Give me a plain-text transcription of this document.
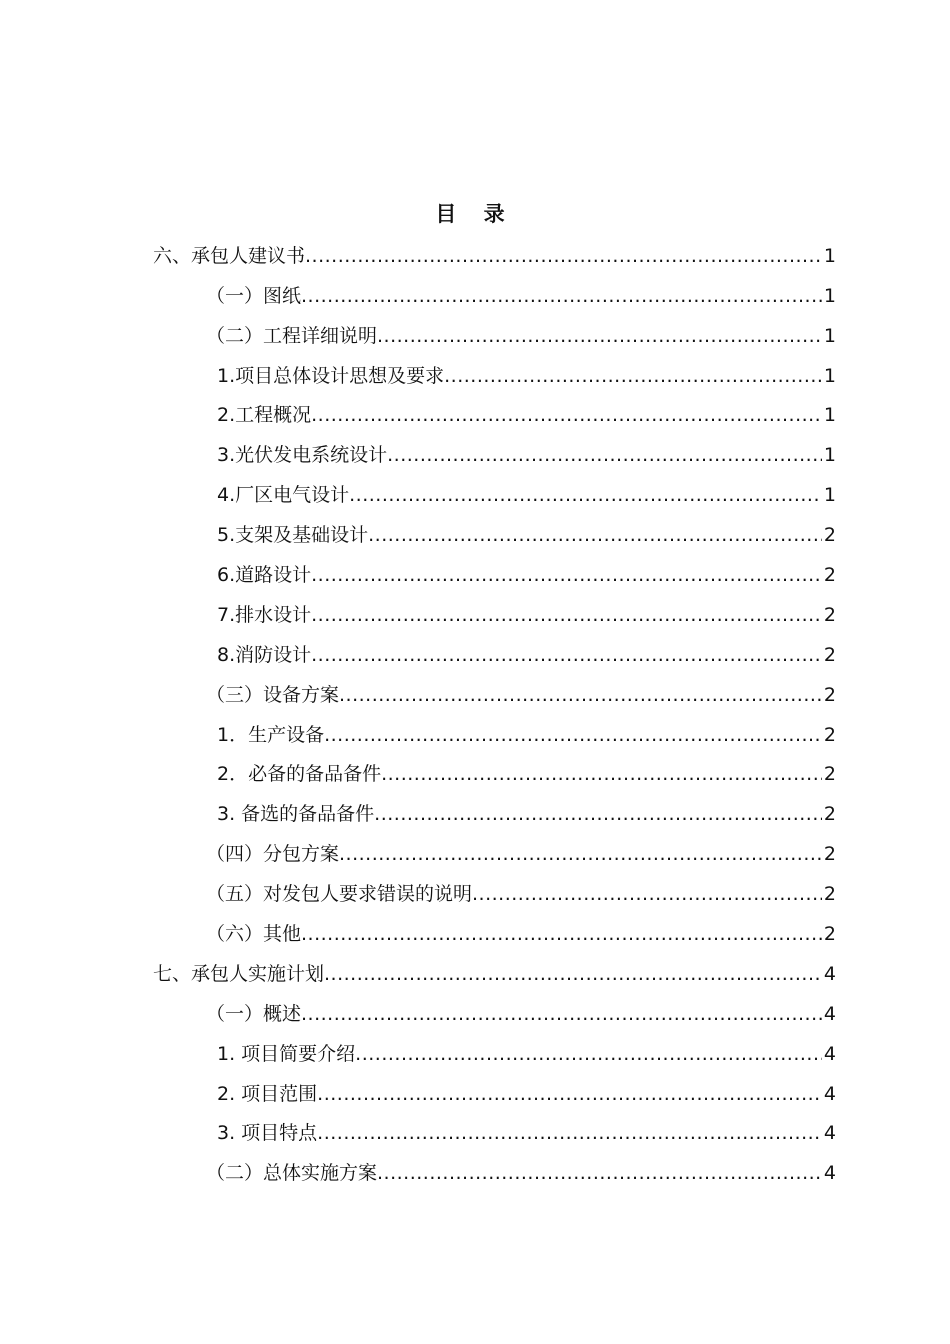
目 录
六、承包人建议书 .....	1
（一）图纸 .....	1
（二）工程详细说明 .....	1
1.项目总体设计思想及要求 .....	1
2.工程概况 .....	1
3.光伏发电系统设计 .....	1
4.厂区电气设计 .....	1
5.支架及基础设计 .....	2
6.道路设计 .....	2
7.排水设计 .....	2
8.消防设计 .....	2
（三）设备方案 .....	2
1．生产设备 .....	2
2．必备的备品备件 .....	2
3. 备选的备品备件 .....	2
（四）分包方案 .....	2
（五）对发包人要求错误的说明 .....	2
（六）其他 .....	2
七、承包人实施计划 .....	4
（一）概述 .....	4
1. 项目简要介绍 .....	4
2. 项目范围 .....	4
3. 项目特点 .....	4
（二）总体实施方案 .....	4
